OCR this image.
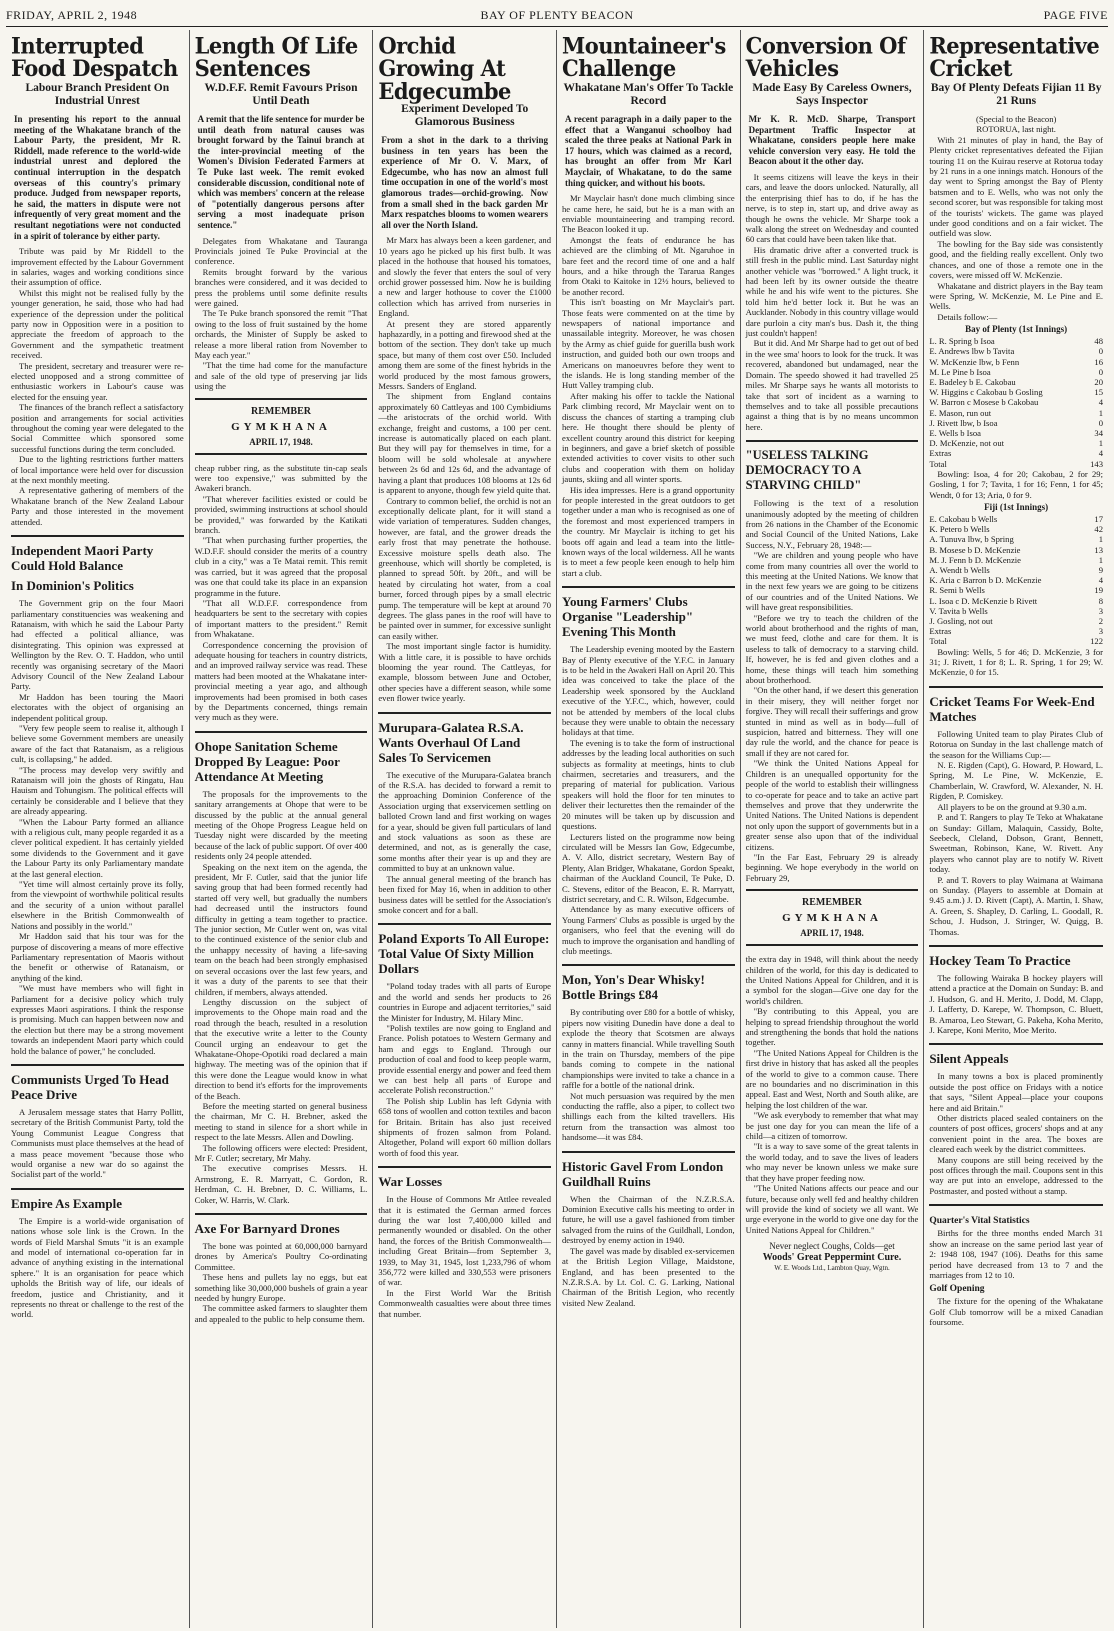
FRIDAY, APRIL 2, 1948	BAY OF PLENTY BEACON	PAGE FIVE
Interrupted Food Despatch
Labour Branch President On Industrial Unrest
In presenting his report to the annual meeting of the Whakatane branch of the Labour Party, the president, Mr R. Riddell, made reference to the world-wide industrial unrest and deplored the continual interruption in the despatch overseas of this country's primary produce. Judged from newspaper reports, he said, the matters in dispute were not infrequently of very great moment and the resultant negotiations were not conducted in a spirit of tolerance by either party.

Tribute was paid by Mr Riddell to the improvement effected by the Labour Government in salaries, wages and working conditions since their assumption of office.

Whilst this might not be realised fully by the younger generation, he said, those who had had experience of the depression under the political party now in Opposition were in a position to appreciate the freedom of approach to the Government and the sympathetic treatment received.

The president, secretary and treasurer were re-elected unopposed and a strong committee of enthusiastic workers in Labour's cause was elected for the ensuing year.

The finances of the branch reflect a satisfactory position and arrangements for social activities throughout the coming year were delegated to the Social Committee which sponsored some successful functions during the term concluded.

Due to the lighting restrictions further matters of local importance were held over for discussion at the next monthly meeting.

A representative gathering of members of the Whakatane branch of the New Zealand Labour Party and those interested in the movement attended.

Independent Maori Party Could Hold Balance
In Dominion's Politics

The Government grip on the four Maori parliamentary constituencies was weakening and Ratanaism, with which he said the Labour Party had effected a political alliance, was disintegrating. This opinion was expressed at Wellington by the Rev. O. T. Haddon, who until recently was organising secretary of the Maori Advisory Council of the New Zealand Labour Party.

Mr Haddon has been touring the Maori electorates with the object of organising an independent political group.

"Very few people seem to realise it, although I believe some Government members are uneasily aware of the fact that Ratanaism, as a religious cult, is collapsing," he added.

"The process may develop very swiftly and Ratanaism will join the ghosts of Ringatu, Hau Hauism and Tohungism. The political effects will certainly be considerable and I believe that they are already appearing.

"When the Labour Party formed an alliance with a religious cult, many people regarded it as a clever political expedient. It has certainly yielded some dividends to the Government and it gave the Labour Party its only Parliamentary mandate at the last general election.

"Yet time will almost certainly prove its folly, from the viewpoint of worthwhile political results and the security of a union without parallel elsewhere in the British Commonwealth of Nations and possibly in the world."

Mr Haddon said that his tour was for the purpose of discovering a means of more effective Parliamentary representation of Maoris without the benefit or otherwise of Ratanaism, or anything of the kind.

"We must have members who will fight in Parliament for a decisive policy which truly expresses Maori aspirations. I think the response is promising. Much can happen between now and the election but there may be a strong movement towards an independent Maori party which could hold the balance of power," he concluded.

Communists Urged To Head Peace Drive

A Jerusalem message states that Harry Pollitt, secretary of the British Communist Party, told the Young Communist League Congress that Communists must place themselves at the head of a mass peace movement "because those who would organise a new war do so against the Socialist part of the world."

Empire As Example

The Empire is a world-wide organisation of nations whose sole link is the Crown. In the words of Field Marshal Smuts "it is an example and model of international co-operation far in advance of anything existing in the international sphere." It is an organisation for peace which upholds the British way of life, our ideals of freedom, justice and Christianity, and it represents no threat or challenge to the rest of the world.

Length Of Life Sentences
W.D.F.F. Remit Favours Prison Until Death
A remit that the life sentence for murder be until death from natural causes was brought forward by the Tainui branch at the inter-provincial meeting of the Women's Division Federated Farmers at Te Puke last week. The remit evoked considerable discussion, conditional note of which was members' concern at the release of "potentially dangerous persons after serving a most inadequate prison sentence."

Delegates from Whakatane and Tauranga Provincials joined Te Puke Provincial at the conference.

Remits brought forward by the various branches were considered, and it was decided to press the problems until some definite results were gained.

The Te Puke branch sponsored the remit "That owing to the loss of fruit sustained by the home orchards, the Minister of Supply be asked to release a more liberal ration from November to May each year."

"That the time had come for the manufacture and sale of the old type of preserving jar lids using the

REMEMBER
GYMKHANA
APRIL 17, 1948.

cheap rubber ring, as the substitute tin-cap seals were too expensive," was submitted by the Awakeri branch.

"That wherever facilities existed or could be provided, swimming instructions at school should be provided," was forwarded by the Katikati branch.

"That when purchasing further properties, the W.D.F.F. should consider the merits of a country club in a city," was a Te Matai remit. This remit was carried, but it was agreed that the proposal was one that could take its place in an expansion programme in the future.

"That all W.D.F.F. correspondence from headquarters be sent to the secretary with copies of important matters to the president." Remit from Whakatane.

Correspondence concerning the provision of adequate housing for teachers in country districts, and an improved railway service was read. These matters had been mooted at the Whakatane inter-provincial meeting a year ago, and although improvements had been promised in both cases by the Departments concerned, things remain very much as they were.

Ohope Sanitation Scheme Dropped By League: Poor Attendance At Meeting

The proposals for the improvements to the sanitary arrangements at Ohope that were to be discussed by the public at the annual general meeting of the Ohope Progress League held on Tuesday night were discarded by the meeting because of the lack of public support. Of over 400 residents only 24 people attended.

Speaking on the next item on the agenda, the president, Mr F. Cutler, said that the junior life saving group that had been formed recently had started off very well, but gradually the numbers had decreased until the instructors found difficulty in getting a team together to practice. The junior section, Mr Cutler went on, was vital to the continued existence of the senior club and the unhappy necessity of having a life-saving team on the beach had been strongly emphasised on several occasions over the last few years, and it was a duty of the parents to see that their children, if members, always attended.

Lengthy discussion on the subject of improvements to the Ohope main road and the road through the beach, resulted in a resolution that the executive write a letter to the County Council urging an endeavour to get the Whakatane-Ohope-Opotiki road declared a main highway. The meeting was of the opinion that if this were done the League would know in what direction to bend it's efforts for the improvements of the Beach.

Before the meeting started on general business the chairman, Mr C. H. Brebner, asked the meeting to stand in silence for a short while in respect to the late Messrs. Allen and Dowling.

The following officers were elected: President, Mr F. Cutler; secretary, Mr Mahy.

The executive comprises Messrs. H. Armstrong, E. R. Marryatt, C. Gordon, R. Herdman, C. H. Brebner, D. C. Williams, L. Coker, W. Harris, W. Clark.

Axe For Barnyard Drones

The bone was pointed at 60,000,000 barnyard drones by America's Poultry Co-ordinating Committee.

These hens and pullets lay no eggs, but eat something like 30,000,000 bushels of grain a year needed by hungry Europe.

The committee asked farmers to slaughter them and appealed to the public to help consume them.

Orchid Growing At Edgecumbe
Experiment Developed To Glamorous Business
From a shot in the dark to a thriving business in ten years has been the experience of Mr O. V. Marx, of Edgecumbe, who has now an almost full time occupation in one of the world's most glamorous trades—orchid-growing. Now from a small shed in the back garden Mr Marx respatches blooms to women wearers all over the North Island.

Mr Marx has always been a keen gardener, and 10 years ago he picked up his first bulb. It was placed in the hothouse that housed his tomatoes, and slowly the fever that enters the soul of very orchid grower possessed him. Now he is building a new and larger hothouse to cover the £1000 collection which has arrived from nurseries in England.

At present they are stored apparently haphazardly, in a potting and firewood shed at the bottom of the section. They don't take up much space, but many of them cost over £50. Included among them are some of the finest hybrids in the world produced by the most famous growers, Messrs. Sanders of England.

The shipment from England contains approximately 60 Cattleyas and 100 Cymbidiums—the aristocrats of the orchid world. With exchange, freight and customs, a 100 per cent. increase is automatically placed on each plant. But they will pay for themselves in time, for a bloom will be sold wholesale at anywhere between 2s 6d and 12s 6d, and the advantage of having a plant that produces 108 blooms at 12s 6d is apparent to anyone, though few yield quite that.

Contrary to common belief, the orchid is not an exceptionally delicate plant, for it will stand a wide variation of temperatures. Sudden changes, however, are fatal, and the grower dreads the early frost that may penetrate the hothouse. Excessive moisture spells death also. The greenhouse, which will shortly be completed, is planned to spread 50ft. by 20ft., and will be heated by circulating hot water, from a coal burner, forced through pipes by a small electric pump. The temperature will be kept at around 70 degrees. The glass panes in the roof will have to be painted over in summer, for excessive sunlight can easily wither.

The most important single factor is humidity. With a little care, it is possible to have orchids blooming the year round. The Cattleyas, for example, blossom between June and October, other species have a different season, while some even flower twice yearly.

Murupara-Galatea R.S.A. Wants Overhaul Of Land Sales To Servicemen

The executive of the Murupara-Galatea branch of the R.S.A. has decided to forward a remit to the approaching Dominion Conference of the Association urging that exservicemen settling on balloted Crown land and first working on wages for a year, should be given full particulars of land and stock valuations as soon as these are determined, and not, as is generally the case, some months after their year is up and they are committed to buy at an unknown value.

The annual general meeting of the branch has been fixed for May 16, when in addition to other business dates will be settled for the Association's smoke concert and for a ball.

Poland Exports To All Europe: Total Value Of Sixty Million Dollars

"Poland today trades with all parts of Europe and the world and sends her products to 26 countries in Europe and adjacent territories," said the Minister for Industry, M. Hilary Minc.

"Polish textiles are now going to England and France. Polish potatoes to Western Germany and ham and eggs to England. Through our production of coal and food to keep people warm, provide essential energy and power and feed them we can best help all parts of Europe and accelerate Polish reconstruction."

The Polish ship Lublin has left Gdynia with 658 tons of woollen and cotton textiles and bacon for Britain. Britain has also just received shipments of frozen salmon from Poland. Altogether, Poland will export 60 million dollars worth of food this year.

War Losses

In the House of Commons Mr Attlee revealed that it is estimated the German armed forces during the war lost 7,400,000 killed and permanently wounded or disabled. On the other hand, the forces of the British Commonwealth—including Great Britain—from September 3, 1939, to May 31, 1945, lost 1,233,796 of whom 356,772 were killed and 330,553 were prisoners of war.

In the First World War the British Commonwealth casualties were about three times that number.

Mountaineer's Challenge
Whakatane Man's Offer To Tackle Record
A recent paragraph in a daily paper to the effect that a Wanganui schoolboy had scaled the three peaks at National Park in 17 hours, which was claimed as a record, has brought an offer from Mr Karl Mayclair, of Whakatane, to do the same thing quicker, and without his boots.

Mr Mayclair hasn't done much climbing since he came here, he said, but he is a man with an enviable mountaineering and tramping record. The Beacon looked it up.

Amongst the feats of endurance he has achieved are the climbing of Mt. Ngaruhoe in bare feet and the record time of one and a half hours, and a hike through the Tararua Ranges from Otaki to Kaitoke in 12½ hours, believed to be another record.

This isn't boasting on Mr Mayclair's part. Those feats were commented on at the time by newspapers of national importance and unassailable integrity. Moreover, he was chosen by the Army as chief guide for guerilla bush work instruction, and guided both our own troops and Americans on manoeuvres before they went to the islands. He is long standing member of the Hutt Valley tramping club.

After making his offer to tackle the National Park climbing record, Mr Mayclair went on to discuss the chances of starting a tramping club here. He thought there should be plenty of excellent country around this district for keeping in beginners, and gave a brief sketch of possible extended activities to cover visits to other such clubs and cooperation with them on holiday jaunts, skiing and all winter sports.

His idea impresses. Here is a grand opportunity for people interested in the great outdoors to get together under a man who is recognised as one of the foremost and most experienced trampers in the country. Mr Mayclair is itching to get his boots off again and lead a team into the little-known ways of the local wilderness. All he wants is to meet a few people keen enough to help him start a club.

Young Farmers' Clubs Organise "Leadership" Evening This Month

The Leadership evening mooted by the Eastern Bay of Plenty executive of the Y.F.C. in January is to be held in the Awakeri Hall on April 20. This idea was conceived to take the place of the Leadership week sponsored by the Auckland executive of the Y.F.C., which, however, could not be attended by members of the local clubs because they were unable to obtain the necessary holidays at that time.

The evening is to take the form of instructional addresses by the leading local authorities on such subjects as formality at meetings, hints to club chairmen, secretaries and treasurers, and the preparing of material for publication. Various speakers will hold the floor for ten minutes to deliver their lecturettes then the remainder of the 20 minutes will be taken up by discussion and questions.

Lecturers listed on the programme now being circulated will be Messrs Ian Gow, Edgecumbe, A. V. Allo, district secretary, Western Bay of Plenty, Alan Bridger, Whakatane, Gordon Speakt, chairman of the Auckland Council, Te Puke, D. C. Stevens, editor of the Beacon, E. R. Marryatt, district secretary, and C. R. Wilson, Edgecumbe.

Attendance by as many executive officers of Young Farmers' Clubs as possible is urged by the organisers, who feel that the evening will do much to improve the organisation and handling of club meetings.

Mon, Yon's Dear Whisky! Bottle Brings £84

By contributing over £80 for a bottle of whisky, pipers now visiting Dunedin have done a deal to explode the theory that Scotsmen are always canny in matters financial. While travelling South in the train on Thursday, members of the pipe bands coming to compete in the national championships were invited to take a chance in a raffle for a bottle of the national drink.

Not much persuasion was required by the men conducting the raffle, also a piper, to collect two shillings each from the kilted travellers. His return from the transaction was almost too handsome—it was £84.

Historic Gavel From London Guildhall Ruins

When the Chairman of the N.Z.R.S.A. Dominion Executive calls his meeting to order in future, he will use a gavel fashioned from timber salvaged from the ruins of the Guildhall, London, destroyed by enemy action in 1940.

The gavel was made by disabled ex-servicemen at the British Legion Village, Maidstone, England, and has been presented to the N.Z.R.S.A. by Lt. Col. C. G. Larking, National Chairman of the British Legion, who recently visited New Zealand.

Conversion Of Vehicles
Made Easy By Careless Owners, Says Inspector
Mr K. R. McD. Sharpe, Transport Department Traffic Inspector at Whakatane, considers people here make vehicle conversion very easy. He told the Beacon about it the other day.

It seems citizens will leave the keys in their cars, and leave the doors unlocked. Naturally, all the enterprising thief has to do, if he has the nerve, is to step in, start up, and drive away as though he owns the vehicle. Mr Sharpe took a walk along the street on Wednesday and counted 60 cars that could have been taken like that.

His dramatic drive after a converted truck is still fresh in the public mind. Last Saturday night another vehicle was "borrowed." A light truck, it had been left by its owner outside the theatre while he and his wife went to the pictures. She told him he'd better lock it. But he was an Aucklander. Nobody in this country village would dare purloin a city man's bus. Dash it, the thing just couldn't happen!

But it did. And Mr Sharpe had to get out of bed in the wee sma' hoors to look for the truck. It was recovered, abandoned but undamaged, near the Domain. The speedo showed it had travelled 25 miles. Mr Sharpe says he wants all motorists to take that sort of incident as a warning to themselves and to take all possible precautions against a thing that is by no means uncommon here.

"USELESS TALKING DEMOCRACY TO A STARVING CHILD"

Following is the text of a resolution unanimously adopted by the meeting of children from 26 nations in the Chamber of the Economic and Social Council of the United Nations, Lake Success, N.Y., February 28, 1948:—

"We are children and young people who have come from many countries all over the world to this meeting at the United Nations. We know that in the next few years we are going to be citizens of our countries and of the United Nations. We will have great responsibilities.

"Before we try to teach the children of the world about brotherhood and the rights of man, we must feed, clothe and care for them. It is useless to talk of democracy to a starving child. If, however, he is fed and given clothes and a home, these things will teach him something about brotherhood.

"On the other hand, if we desert this generation in their misery, they will neither forget nor forgive. They will recall their sufferings and grow stunted in mind as well as in body—full of suspicion, hatred and bitterness. They will one day rule the world, and the chance for peace is small if they are not cared for.

"We think the United Nations Appeal for Children is an unequalled opportunity for the people of the world to establish their willingness to co-operate for peace and to take an active part themselves and prove that they underwrite the United Nations. The United Nations is dependent not only upon the support of governments but in a greater sense also upon that of the individual citizens.

"In the Far East, February 29 is already beginning. We hope everybody in the world on February 29,

REMEMBER
GYMKHANA
APRIL 17, 1948.

the extra day in 1948, will think about the needy children of the world, for this day is dedicated to the United Nations Appeal for Children, and it is a symbol for the slogan—Give one day for the world's children.

"By contributing to this Appeal, you are helping to spread friendship throughout the world and strengthening the bonds that hold the nations together.

"The United Nations Appeal for Children is the first drive in history that has asked all the peoples of the world to give to a common cause. There are no boundaries and no discrimination in this appeal. East and West, North and South alike, are helping the lost children of the war.

"We ask everybody to remember that what may be just one day for you can mean the life of a child—a citizen of tomorrow.

"It is a way to save some of the great talents in the world today, and to save the lives of leaders who may never be known unless we make sure that they have proper feeding now.

"The United Nations affects our peace and our future, because only well fed and healthy children will provide the kind of society we all want. We urge everyone in the world to give one day for the United Nations Appeal for Children."

Never neglect Coughs, Colds—get
Woods' Great Peppermint Cure.
W. E. Woods Ltd., Lambton Quay, Wgtn.
Representative Cricket
Bay Of Plenty Defeats Fijian 11 By 21 Runs

(Special to the Beacon)

ROTORUA, last night.

With 21 minutes of play in hand, the Bay of Plenty cricket representatives defeated the Fijian touring 11 on the Kuirau reserve at Rotorua today by 21 runs in a one innings match. Honours of the day went to Spring amongst the Bay of Plenty batsmen and to E. Wells, who was not only the second scorer, but was responsible for taking most of the tourists' wickets. The game was played under good conditions and on a fair wicket. The outfield was slow.

The bowling for the Bay side was consistently good, and the fielding really excellent. Only two chances, and one of those a remote one in the covers, were missed off W. McKenzie.

Whakatane and district players in the Bay team were Spring, W. McKenzie, M. Le Pine and E. Wells.

Details follow:—

Bay of Plenty (1st Innings)
L. R. Spring b Isoa	48
E. Andrews lbw b Tavita	0
W. McKenzie lbw, b Fenn	16
M. Le Pine b Isoa	0
E. Badeley b E. Cakobau	20
W. Higgins c Cakobau b Gosling	15
W. Barron c Mosese b Cakobau	4
E. Mason, run out	1
J. Rivett lbw, b Isoa	0
E. Wells b Isoa	34
D. McKenzie, not out	1
Extras	4
Total	143

Bowling: Isoa, 4 for 20; Cakobau, 2 for 29; Gosling, 1 for 7; Tavita, 1 for 16; Fenn, 1 for 45; Wendt, 0 for 13; Aria, 0 for 9.

Fiji (1st Innings)
E. Cakobau b Wells	17
K. Petero b Wells	42
A. Tunuva lbw, b Spring	1
B. Mosese b D. McKenzie	13
M. J. Fenn b D. McKenzie	1
A. Wendt b Wells	9
K. Aria c Barron b D. McKenzie	4
R. Semi b Wells	19
L. Isoa c D. McKenzie b Rivett	8
V. Tavita b Wells	3
J. Gosling, not out	2
Extras	3
Total	122

Bowling: Wells, 5 for 46; D. McKenzie, 3 for 31; J. Rivett, 1 for 8; L. R. Spring, 1 for 29; W. McKenzie, 0 for 15.

Cricket Teams For Week-End Matches

Following United team to play Pirates Club of Rotorua on Sunday in the last challenge match of the season for the Williams Cup:—

N. E. Rigden (Capt), G. Howard, P. Howard, L. Spring, M. Le Pine, W. McKenzie, E. Chamberlain, W. Crawford, W. Alexander, N. H. Rigden, P. Comiskey.

All players to be on the ground at 9.30 a.m.

P. and T. Rangers to play Te Teko at Whakatane on Sunday: Gillam, Malaquin, Cassidy, Bolte, Seebeck, Cleland, Dobson, Grant, Bennett, Sweetman, Robinson, Kane, W. Rivett. Any players who cannot play are to notify W. Rivett today.

P. and T. Rovers to play Waimana at Waimana on Sunday. (Players to assemble at Domain at 9.45 a.m.) J. D. Rivett (Capt), A. Martin, I. Shaw, A. Green, S. Shapley, D. Carling, L. Goodall, R. Schou, J. Hudson, J. Stringer, W. Quigg, B. Thomas.

Hockey Team To Practice

The following Wairaka B hockey players will attend a practice at the Domain on Sunday: B. and J. Hudson, G. and H. Merito, J. Dodd, M. Clapp, J. Lafferty, D. Karepe, W. Thompson, C. Bluett, B. Amaroa, Leo Stewart, G. Pakeha, Koha Merito, J. Karepe, Koni Merito, Moe Merito.

Silent Appeals

In many towns a box is placed prominently outside the post office on Fridays with a notice that says, "Silent Appeal—place your coupons here and aid Britain."

Other districts placed sealed containers on the counters of post offices, grocers' shops and at any convenient point in the area. The boxes are cleared each week by the district committees.

Many coupons are still being received by the post offices through the mail. Coupons sent in this way are put into an envelope, addressed to the Postmaster, and posted without a stamp.

Quarter's Vital Statistics

Births for the three months ended March 31 show an increase on the same period last year of 2: 1948 108, 1947 (106). Deaths for this same period have decreased from 13 to 7 and the marriages from 12 to 10.

Golf Opening

The fixture for the opening of the Whakatane Golf Club tomorrow will be a mixed Canadian foursome.
